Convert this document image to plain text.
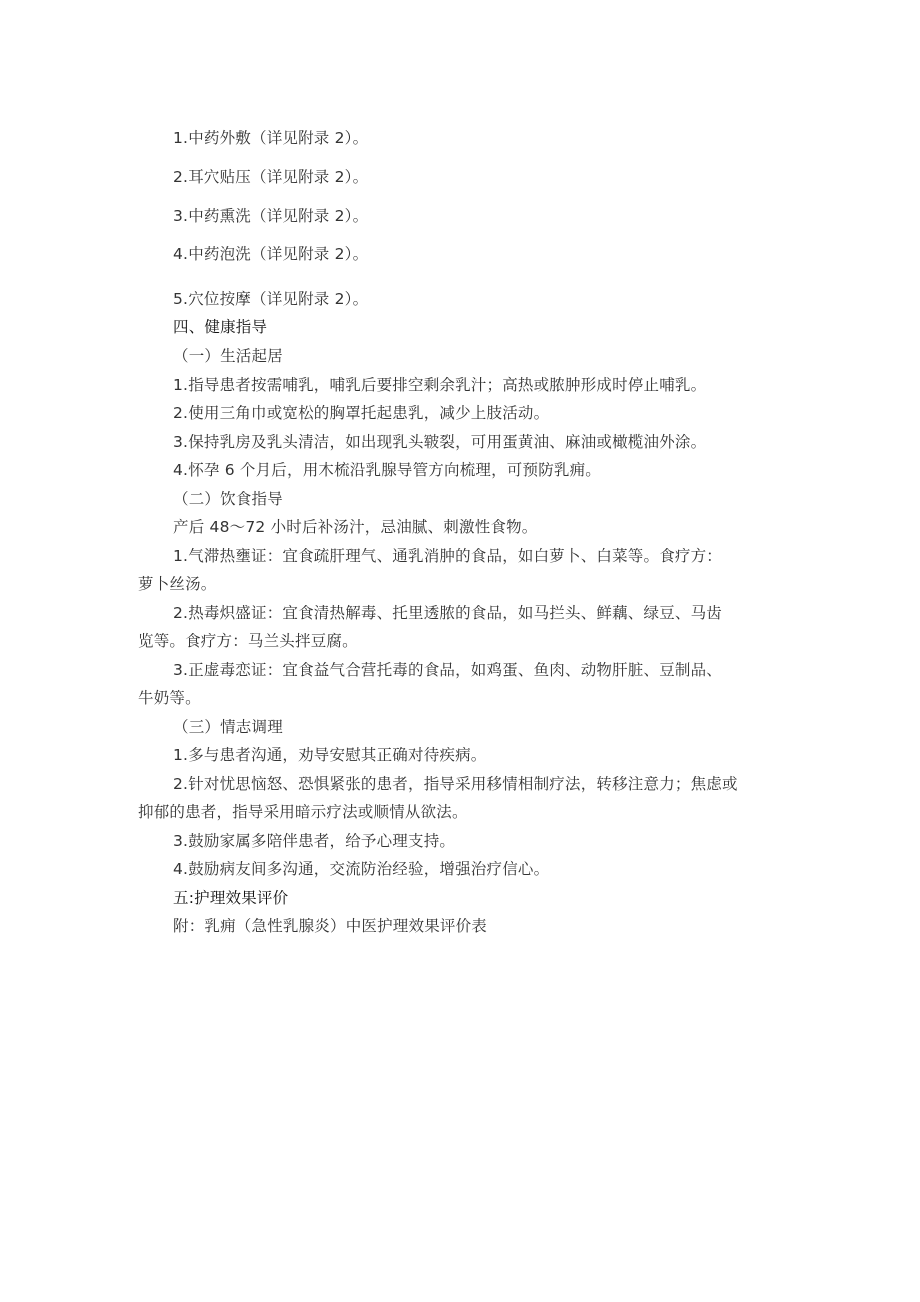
1.中药外敷（详见附录 2）。
2.耳穴贴压（详见附录 2）。
3.中药熏洗（详见附录 2）。
4.中药泡洗（详见附录 2）。
5.穴位按摩（详见附录 2）。
四、健康指导
（一）生活起居
1.指导患者按需哺乳，哺乳后要排空剩余乳汁；高热或脓肿形成时停止哺乳。
2.使用三角巾或宽松的胸罩托起患乳，减少上肢活动。
3.保持乳房及乳头清洁，如出现乳头皲裂，可用蛋黄油、麻油或橄榄油外涂。
4.怀孕 6 个月后，用木梳沿乳腺导管方向梳理，可预防乳痈。
（二）饮食指导
产后 48～72 小时后补汤汁，忌油腻、刺激性食物。
1.气滞热壅证：宜食疏肝理气、通乳消肿的食品，如白萝卜、白菜等。食疗方：
萝卜丝汤。
2.热毒炽盛证：宜食清热解毒、托里透脓的食品，如马拦头、鲜藕、绿豆、马齿
览等。食疗方：马兰头拌豆腐。
3.正虚毒恋证：宜食益气合营托毒的食品，如鸡蛋、鱼肉、动物肝脏、豆制品、
牛奶等。
（三）情志调理
1.多与患者沟通，劝导安慰其正确对待疾病。
2.针对忧思恼怒、恐惧紧张的患者，指导采用移情相制疗法，转移注意力；焦虑或
抑郁的患者，指导采用暗示疗法或顺情从欲法。
3.鼓励家属多陪伴患者，给予心理支持。
4.鼓励病友间多沟通，交流防治经验，增强治疗信心。
五:护理效果评价
附：乳痈（急性乳腺炎）中医护理效果评价表
